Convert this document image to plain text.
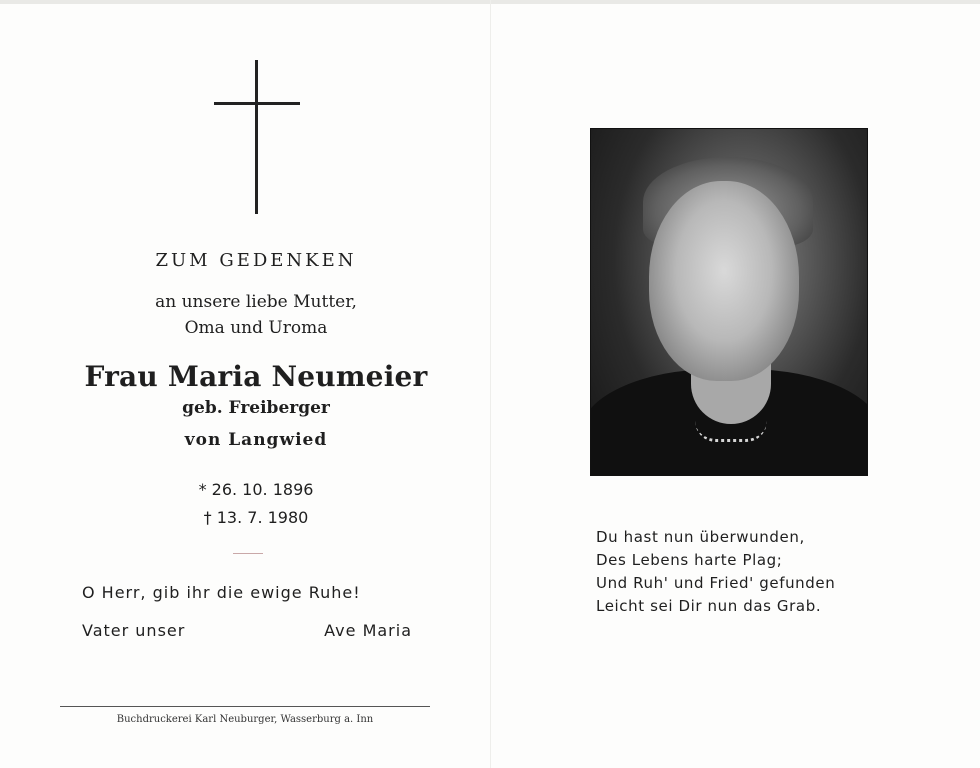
ZUM GEDENKEN
an unsere liebe Mutter,
Oma und Uroma
Frau Maria Neumeier
geb. Freiberger
von Langwied
* 26. 10. 1896
† 13. 7. 1980
O Herr, gib ihr die ewige Ruhe!
Vater unser	Ave Maria
Buchdruckerei Karl Neuburger, Wasserburg a. Inn
Du hast nun überwunden,
Des Lebens harte Plag;
Und Ruh' und Fried' gefunden
Leicht sei Dir nun das Grab.
